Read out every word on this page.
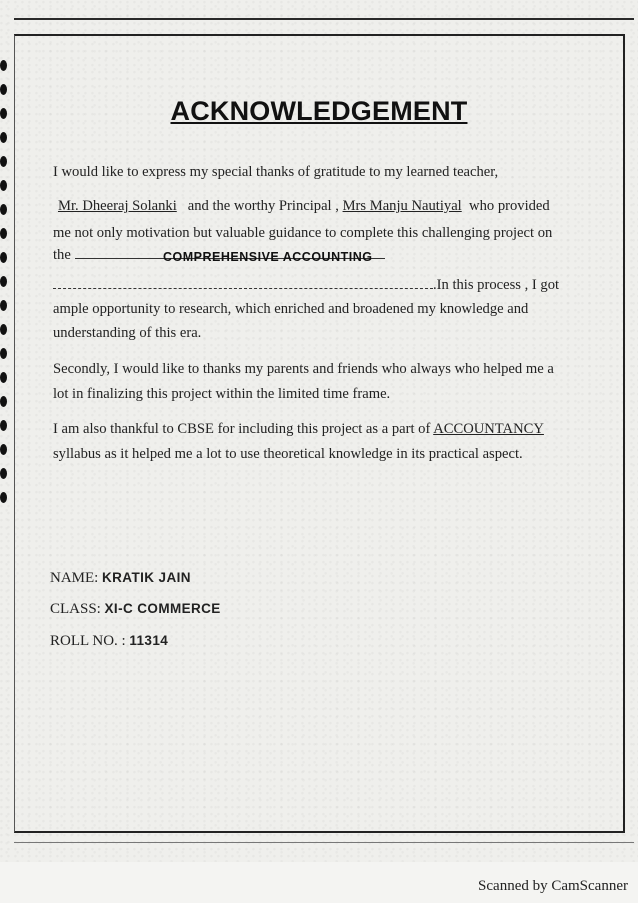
ACKNOWLEDGEMENT
I would like to express my special thanks of gratitude to my learned teacher,
Mr. Dheeraj Solanki and the worthy Principal , Mrs Manju Nautiyal who provided
me not only motivation but valuable guidance to complete this challenging project on
the	COMPREHENSIVE ACCOUNTING
.In this process , I got
ample opportunity to research, which enriched and broadened my knowledge and
understanding of this era.
Secondly, I would like to thanks my parents and friends who always who helped me a
lot in finalizing this project within the limited time frame.
I am also thankful to CBSE for including this project as a part of ACCOUNTANCY
syllabus as it helped me a lot to use theoretical knowledge in its practical aspect.
NAME: KRATIK JAIN
CLASS: XI-C COMMERCE
ROLL NO. : 11314
Scanned by CamScanner
